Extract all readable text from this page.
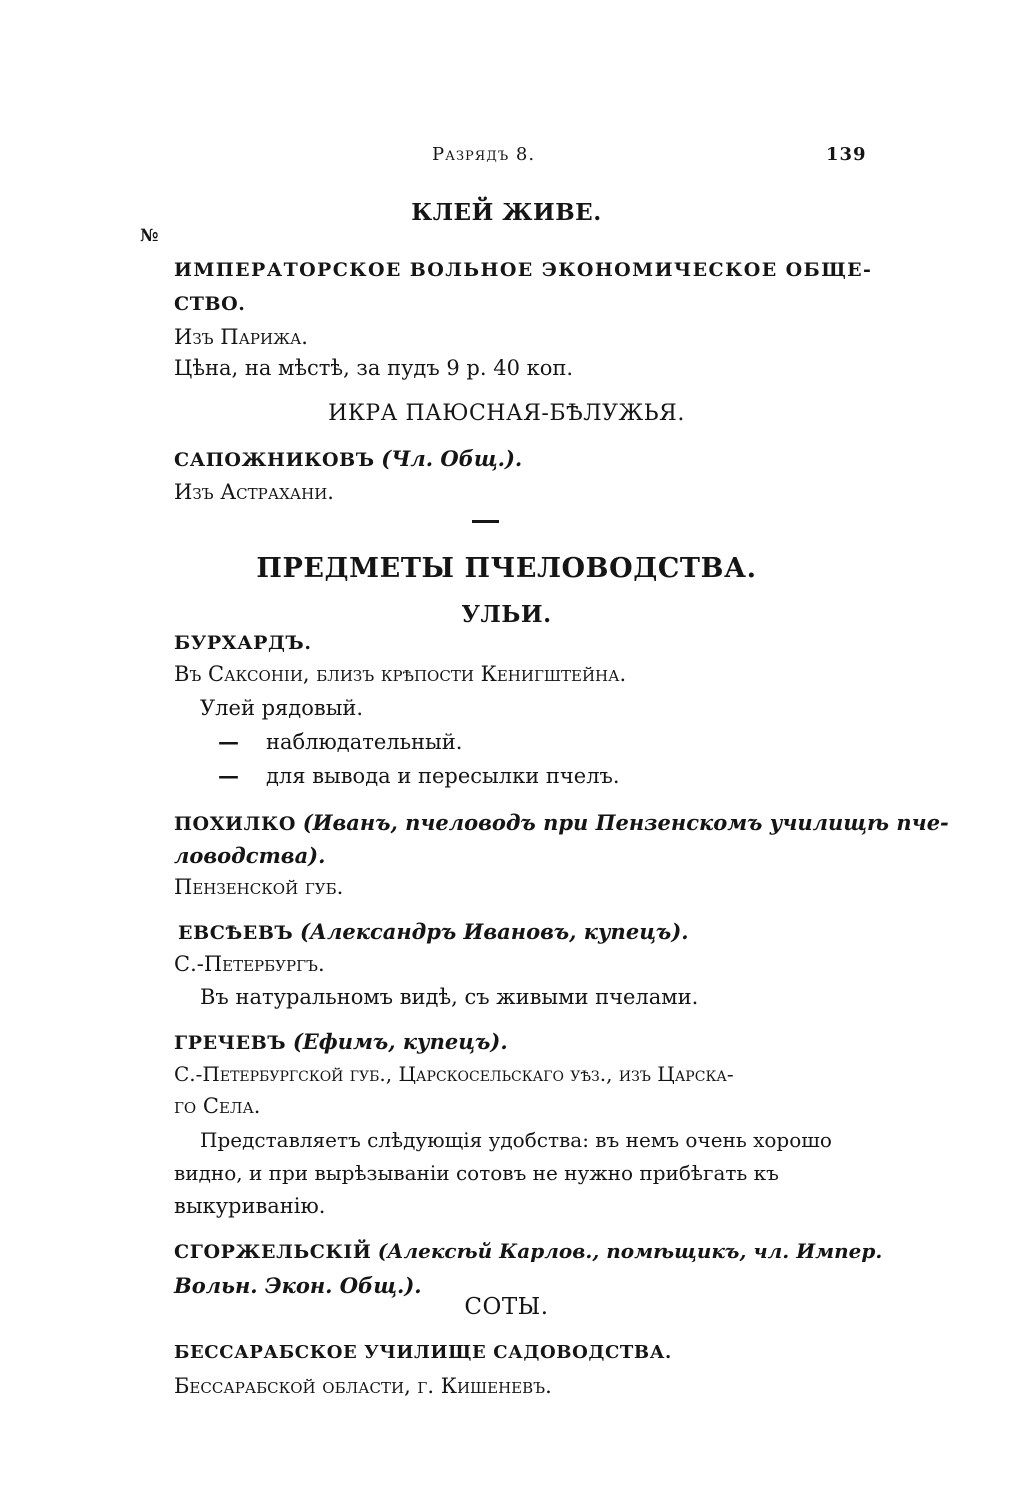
Разрядъ 8.	139
КЛЕЙ ЖИВЕ.
№
ИМПЕРАТОРСКОЕ ВОЛЬНОЕ ЭКОНОМИЧЕСКОЕ ОБЩЕ-
СТВО.
Изъ Парижа.
Цѣна, на мѣстѣ, за пудъ 9 р. 40 коп.
ИКРА ПАЮСНАЯ-БѢЛУЖЬЯ.
САПОЖНИКОВЪ (Чл. Общ.).
Изъ Астрахани.
ПРЕДМЕТЫ ПЧЕЛОВОДСТВА.
УЛЬИ.
БУРХАРДЪ.
Въ Саксоніи, близъ крѣпости Кенигштейна.
Улей рядовый.
— наблюдательный.
— для вывода и пересылки пчелъ.
ПОХИЛКО (Иванъ, пчеловодъ при Пензенскомъ училищѣ пче-
ловодства).
Пензенской губ.
ЕВСѢЕВЪ (Александръ Ивановъ, купецъ).
С.-Петербургъ.
Въ натуральномъ видѣ, съ живыми пчелами.
ГРЕЧЕВЪ (Ефимъ, купецъ).
С.-Петербургской губ., Царскосельскаго уѣз., изъ Царска-
го Села.
Представляетъ слѣдующія удобства: въ немъ очень хорошо
видно, и при вырѣзываніи сотовъ не нужно прибѣгать къ
выкуриванію.
СГОРЖЕЛЬСКІЙ (Алексѣй Карлов., помѣщикъ, чл. Импер.
Вольн. Экон. Общ.).
СОТЫ.
БЕССАРАБСКОЕ УЧИЛИЩЕ САДОВОДСТВА.
Бессарабской области, г. Кишеневъ.
